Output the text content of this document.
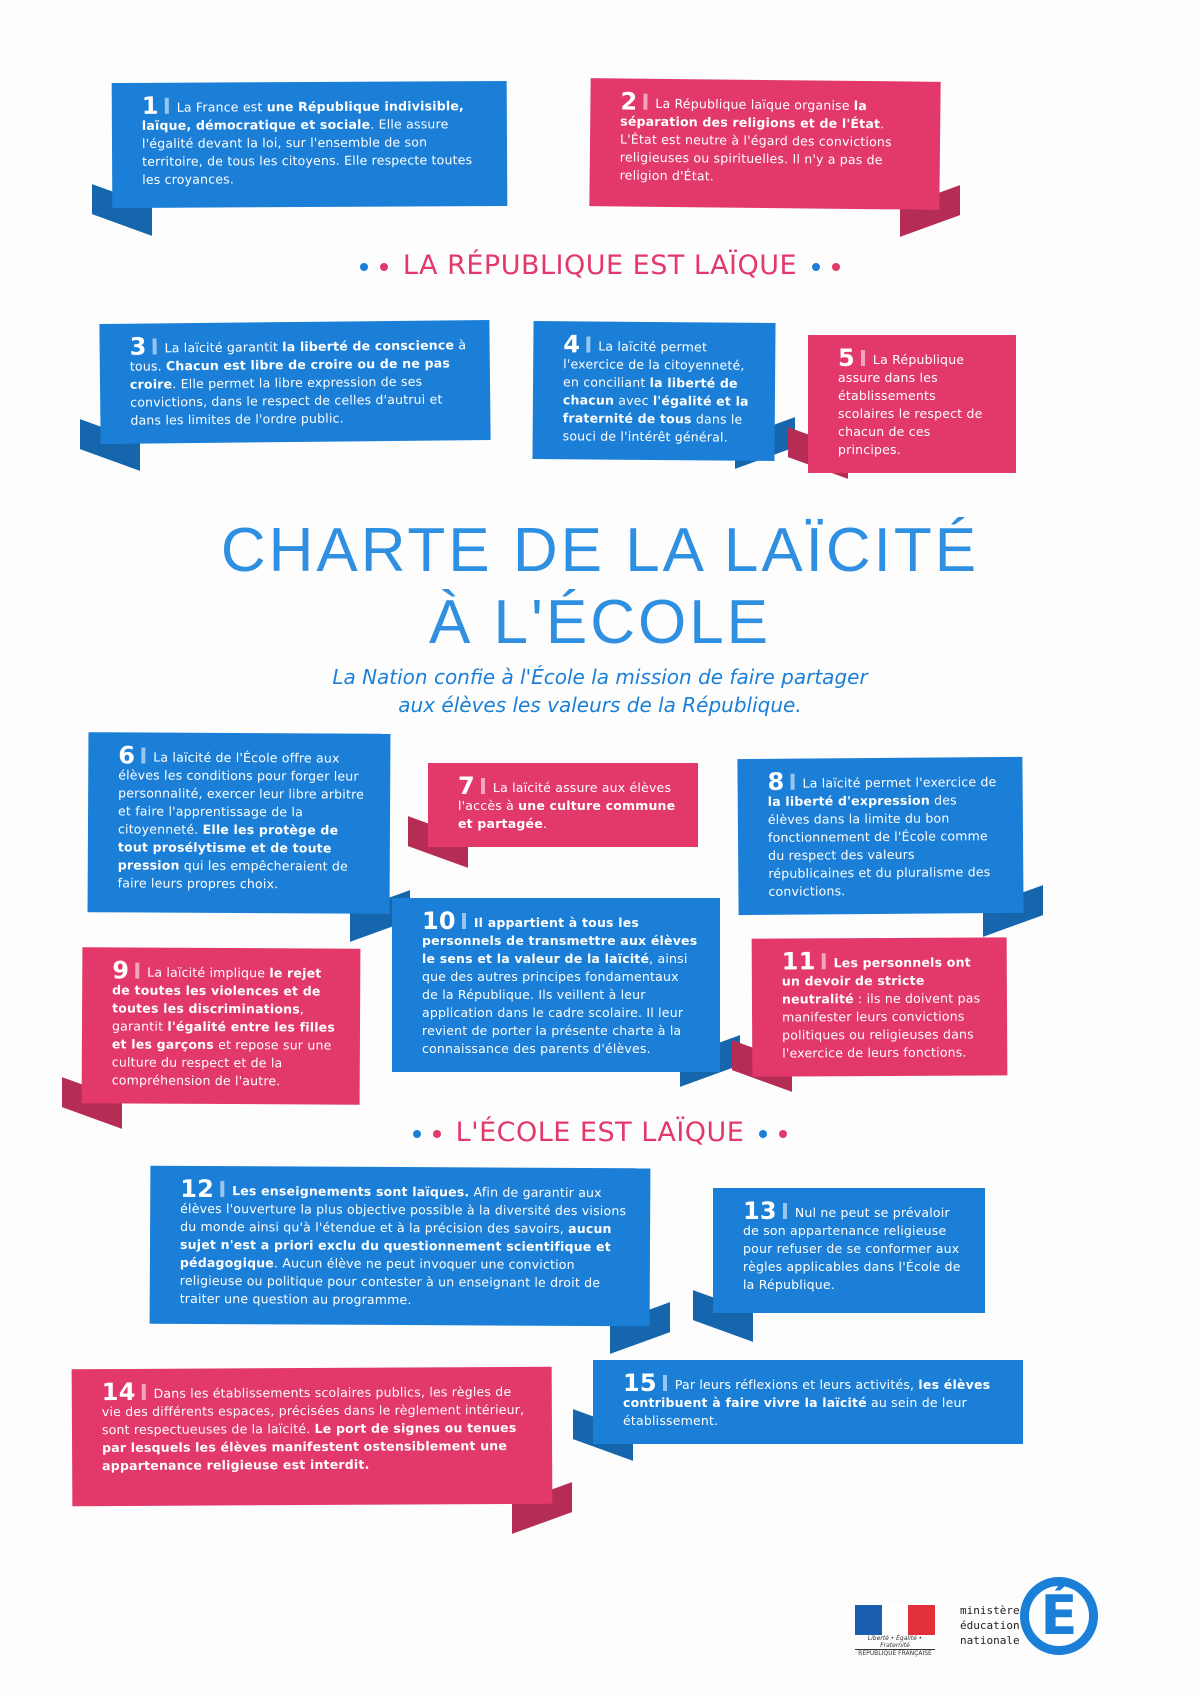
LA RÉPUBLIQUE EST LAÏQUE
CHARTE DE LA LAÏCITÉ
À L'ÉCOLE
La Nation confie à l'École la mission de faire partager
aux élèves les valeurs de la République.
L'ÉCOLE EST LAÏQUE
1 La France est une République indivisible, laïque, démocratique et sociale. Elle assure l'égalité devant la loi, sur l'ensemble de son territoire, de tous les citoyens. Elle respecte toutes les croyances.
2 La République laïque organise la séparation des religions et de l'État. L'État est neutre à l'égard des convictions religieuses ou spirituelles. Il n'y a pas de religion d'État.
3 La laïcité garantit la liberté de conscience à tous. Chacun est libre de croire ou de ne pas croire. Elle permet la libre expression de ses convictions, dans le respect de celles d'autrui et dans les limites de l'ordre public.
4 La laïcité permet l'exercice de la citoyenneté, en conciliant la liberté de chacun avec l'égalité et la fraternité de tous dans le souci de l'intérêt général.
5 La République assure dans les établissements scolaires le respect de chacun de ces principes.
6 La laïcité de l'École offre aux élèves les conditions pour forger leur personnalité, exercer leur libre arbitre et faire l'apprentissage de la citoyenneté. Elle les protège de tout prosélytisme et de toute pression qui les empêcheraient de faire leurs propres choix.
7 La laïcité assure aux élèves l'accès à une culture commune et partagée.
8 La laïcité permet l'exercice de la liberté d'expression des élèves dans la limite du bon fonctionnement de l'École comme du respect des valeurs républicaines et du pluralisme des convictions.
9 La laïcité implique le rejet de toutes les violences et de toutes les discriminations, garantit l'égalité entre les filles et les garçons et repose sur une culture du respect et de la compréhension de l'autre.
10 Il appartient à tous les personnels de transmettre aux élèves le sens et la valeur de la laïcité, ainsi que des autres principes fondamentaux de la République. Ils veillent à leur application dans le cadre scolaire. Il leur revient de porter la présente charte à la connaissance des parents d'élèves.
11 Les personnels ont un devoir de stricte neutralité : ils ne doivent pas manifester leurs convictions politiques ou religieuses dans l'exercice de leurs fonctions.
12 Les enseignements sont laïques. Afin de garantir aux élèves l'ouverture la plus objective possible à la diversité des visions du monde ainsi qu'à l'étendue et à la précision des savoirs, aucun sujet n'est a priori exclu du questionnement scientifique et pédagogique. Aucun élève ne peut invoquer une conviction religieuse ou politique pour contester à un enseignant le droit de traiter une question au programme.
13 Nul ne peut se prévaloir de son appartenance religieuse pour refuser de se conformer aux règles applicables dans l'École de la République.
14 Dans les établissements scolaires publics, les règles de vie des différents espaces, précisées dans le règlement intérieur, sont respectueuses de la laïcité. Le port de signes ou tenues par lesquels les élèves manifestent ostensiblement une appartenance religieuse est interdit.
15 Par leurs réflexions et leurs activités, les élèves contribuent à faire vivre la laïcité au sein de leur établissement.
Liberté • Égalité • Fraternité
RÉPUBLIQUE FRANÇAISE
ministère
éducation
nationale É
